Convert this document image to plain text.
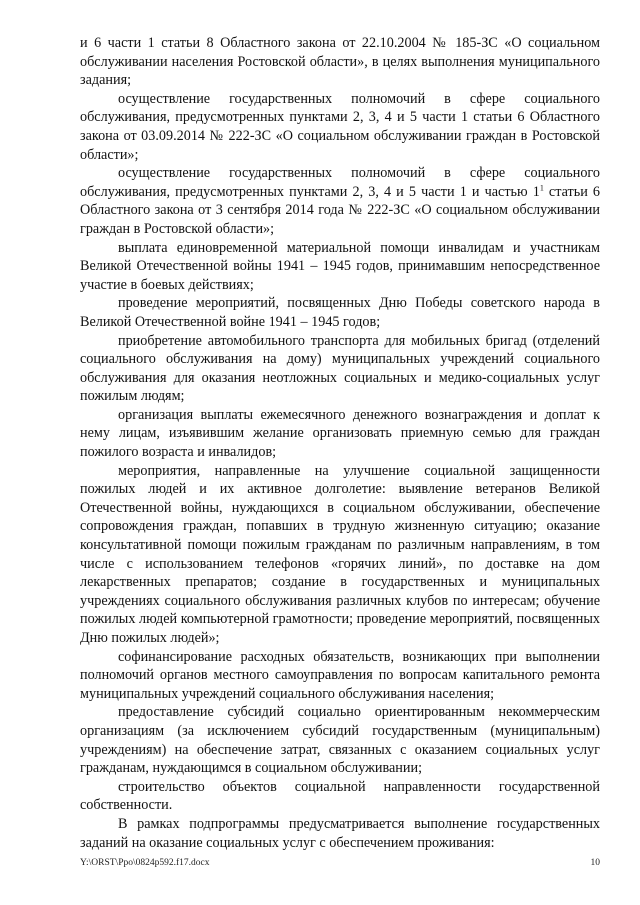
и 6 части 1 статьи 8 Областного закона от 22.10.2004 № 185-ЗС «О социальном обслуживании населения Ростовской области», в целях выполнения муниципального задания;

осуществление государственных полномочий в сфере социального обслуживания, предусмотренных пунктами 2, 3, 4 и 5 части 1 статьи 6 Областного закона от 03.09.2014 № 222-ЗС «О социальном обслуживании граждан в Ростовской области»;

осуществление государственных полномочий в сфере социального обслуживания, предусмотренных пунктами 2, 3, 4 и 5 части 1 и частью $1^1$ статьи 6 Областного закона от 3 сентября 2014 года № 222-ЗС «О социальном обслуживании граждан в Ростовской области»;

выплата единовременной материальной помощи инвалидам и участникам Великой Отечественной войны 1941 – 1945 годов, принимавшим непосредственное участие в боевых действиях;

проведение мероприятий, посвященных Дню Победы советского народа в Великой Отечественной войне 1941 – 1945 годов;

приобретение автомобильного транспорта для мобильных бригад (отделений социального обслуживания на дому) муниципальных учреждений социального обслуживания для оказания неотложных социальных и медико-социальных услуг пожилым людям;

организация выплаты ежемесячного денежного вознаграждения и доплат к нему лицам, изъявившим желание организовать приемную семью для граждан пожилого возраста и инвалидов;

мероприятия, направленные на улучшение социальной защищенности пожилых людей и их активное долголетие: выявление ветеранов Великой Отечественной войны, нуждающихся в социальном обслуживании, обеспечение сопровождения граждан, попавших в трудную жизненную ситуацию; оказание консультативной помощи пожилым гражданам по различным направлениям, в том числе с использованием телефонов «горячих линий», по доставке на дом лекарственных препаратов; создание в государственных и муниципальных учреждениях социального обслуживания различных клубов по интересам; обучение пожилых людей компьютерной грамотности; проведение мероприятий, посвященных Дню пожилых людей»;

софинансирование расходных обязательств, возникающих при выполнении полномочий органов местного самоуправления по вопросам капитального ремонта муниципальных учреждений социального обслуживания населения;

предоставление субсидий социально ориентированным некоммерческим организациям (за исключением субсидий государственным (муниципальным) учреждениям) на обеспечение затрат, связанных с оказанием социальных услуг гражданам, нуждающимся в социальном обслуживании;

строительство объектов социальной направленности государственной собственности.

В рамках подпрограммы предусматривается выполнение государственных заданий на оказание социальных услуг с обеспечением проживания:

Y:\ORST\Ppo\0824p592.f17.docx	10
